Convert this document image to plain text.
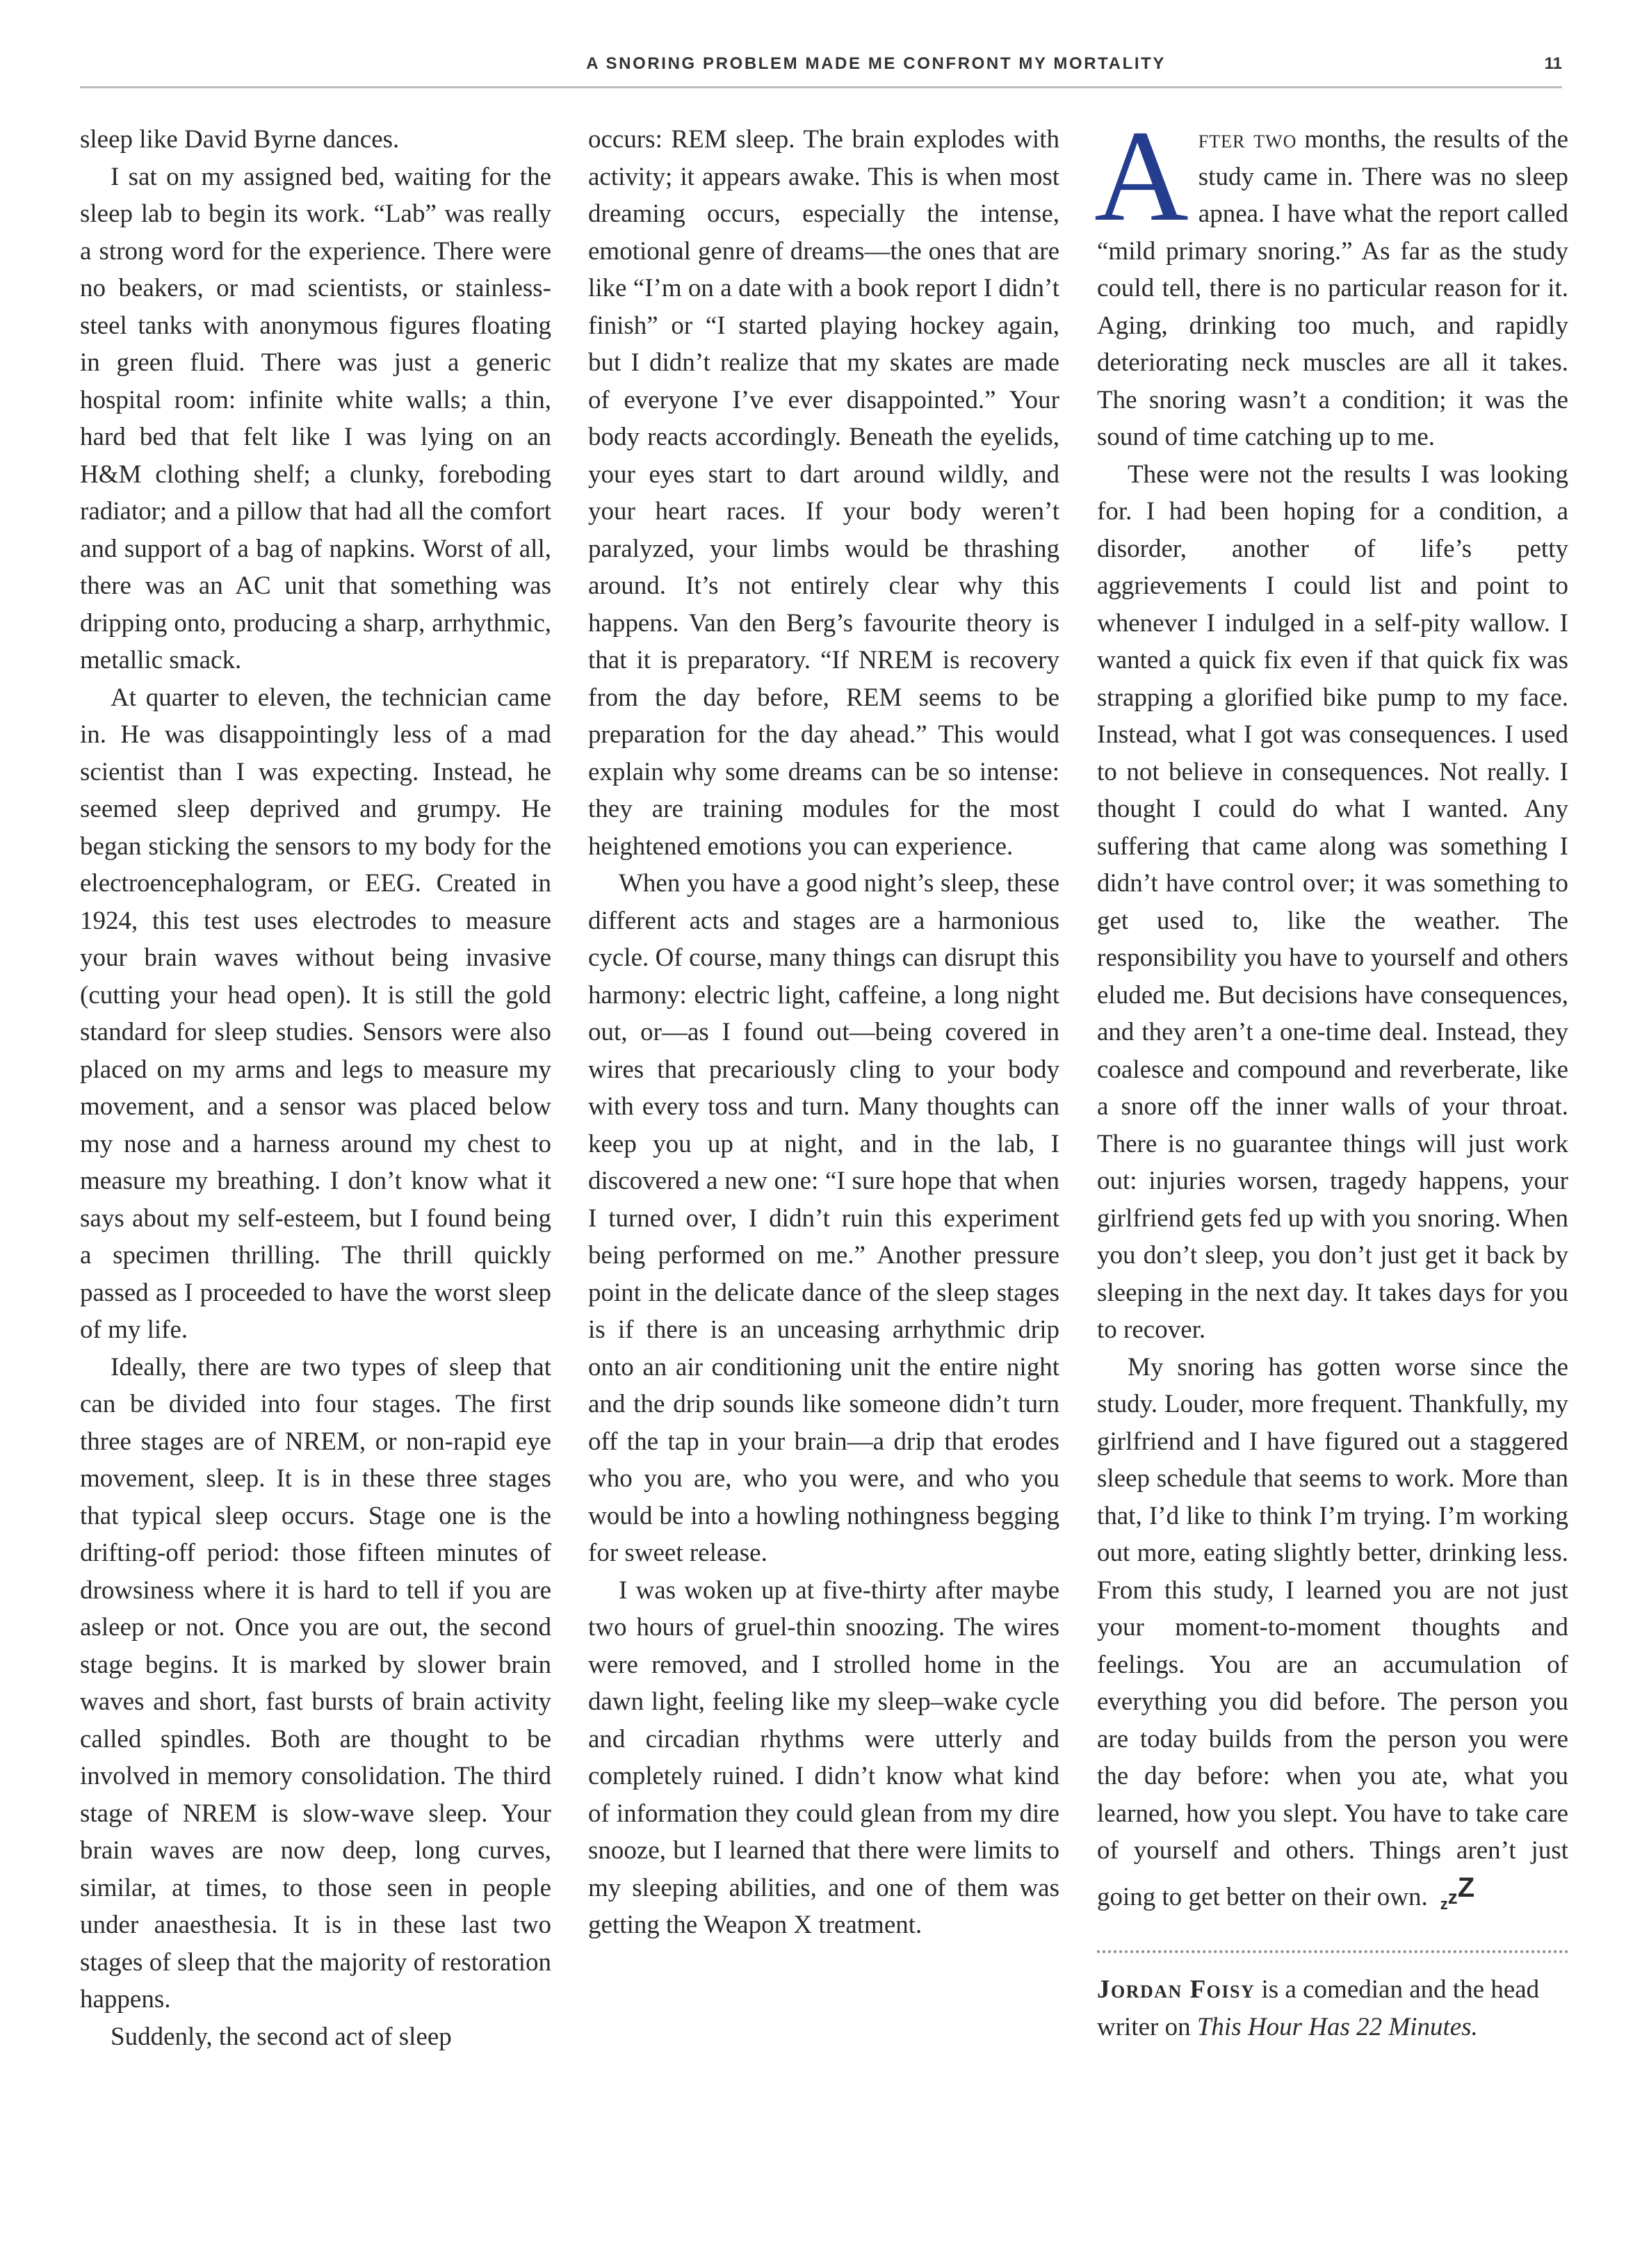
A SNORING PROBLEM MADE ME CONFRONT MY MORTALITY	11

sleep like David Byrne dances.

I sat on my assigned bed, waiting for the sleep lab to begin its work. “Lab” was really a strong word for the experience. There were no beakers, or mad scientists, or stainless-steel tanks with anonymous figures floating in green fluid. There was just a generic hospital room: infinite white walls; a thin, hard bed that felt like I was lying on an H&M clothing shelf; a clunky, foreboding radiator; and a pillow that had all the comfort and support of a bag of napkins. Worst of all, there was an AC unit that something was dripping onto, producing a sharp, arrhythmic, metallic smack.

At quarter to eleven, the technician came in. He was disappointingly less of a mad scientist than I was expecting. Instead, he seemed sleep deprived and grumpy. He began sticking the sensors to my body for the electroencephalogram, or EEG. Created in 1924, this test uses electrodes to measure your brain waves without being invasive (cutting your head open). It is still the gold standard for sleep studies. Sensors were also placed on my arms and legs to measure my movement, and a sensor was placed below my nose and a harness around my chest to measure my breathing. I don’t know what it says about my self-esteem, but I found being a specimen thrilling. The thrill quickly passed as I proceeded to have the worst sleep of my life.

Ideally, there are two types of sleep that can be divided into four stages. The first three stages are of NREM, or non-rapid eye movement, sleep. It is in these three stages that typical sleep occurs. Stage one is the drifting-off period: those fifteen minutes of drowsiness where it is hard to tell if you are asleep or not. Once you are out, the second stage begins. It is marked by slower brain waves and short, fast bursts of brain activity called spindles. Both are thought to be involved in memory consolidation. The third stage of NREM is slow-wave sleep. Your brain waves are now deep, long curves, similar, at times, to those seen in people under anaesthesia. It is in these last two stages of sleep that the majority of restoration happens.

Suddenly, the second act of sleep

occurs: REM sleep. The brain explodes with activity; it appears awake. This is when most dreaming occurs, especially the intense, emotional genre of dreams—the ones that are like “I’m on a date with a book report I didn’t finish” or “I started playing hockey again, but I didn’t realize that my skates are made of everyone I’ve ever disappointed.” Your body reacts accordingly. Beneath the eyelids, your eyes start to dart around wildly, and your heart races. If your body weren’t paralyzed, your limbs would be thrashing around. It’s not entirely clear why this happens. Van den Berg’s favourite theory is that it is preparatory. “If NREM is recovery from the day before, REM seems to be preparation for the day ahead.” This would explain why some dreams can be so intense: they are training modules for the most heightened emotions you can experience.

When you have a good night’s sleep, these different acts and stages are a harmonious cycle. Of course, many things can disrupt this harmony: electric light, caffeine, a long night out, or—as I found out—being covered in wires that precariously cling to your body with every toss and turn. Many thoughts can keep you up at night, and in the lab, I discovered a new one: “I sure hope that when I turned over, I didn’t ruin this experiment being performed on me.” Another pressure point in the delicate dance of the sleep stages is if there is an unceasing arrhythmic drip onto an air conditioning unit the entire night and the drip sounds like someone didn’t turn off the tap in your brain—a drip that erodes who you are, who you were, and who you would be into a howling nothingness begging for sweet release.

I was woken up at five-thirty after maybe two hours of gruel-thin snoozing. The wires were removed, and I strolled home in the dawn light, feeling like my sleep–wake cycle and circadian rhythms were utterly and completely ruined. I didn’t know what kind of information they could glean from my dire snooze, but I learned that there were limits to my sleeping abilities, and one of them was getting the Weapon X treatment.

After two months, the results of the study came in. There was no sleep apnea. I have what the report called “mild primary snoring.” As far as the study could tell, there is no particular reason for it. Aging, drinking too much, and rapidly deteriorating neck muscles are all it takes. The snoring wasn’t a condition; it was the sound of time catching up to me.

These were not the results I was looking for. I had been hoping for a condition, a disorder, another of life’s petty aggrievements I could list and point to whenever I indulged in a self-pity wallow. I wanted a quick fix even if that quick fix was strapping a glorified bike pump to my face. Instead, what I got was consequences. I used to not believe in consequences. Not really. I thought I could do what I wanted. Any suffering that came along was something I didn’t have control over; it was something to get used to, like the weather. The responsibility you have to yourself and others eluded me. But decisions have consequences, and they aren’t a one-time deal. Instead, they coalesce and compound and reverberate, like a snore off the inner walls of your throat. There is no guarantee things will just work out: injuries worsen, tragedy happens, your girlfriend gets fed up with you snoring. When you don’t sleep, you don’t just get it back by sleeping in the next day. It takes days for you to recover.

My snoring has gotten worse since the study. Louder, more frequent. Thankfully, my girlfriend and I have figured out a staggered sleep schedule that seems to work. More than that, I’d like to think I’m trying. I’m working out more, eating slightly better, drinking less. From this study, I learned you are not just your moment-to-moment thoughts and feelings. You are an accumulation of everything you did before. The person you are today builds from the person you were the day before: when you ate, what you learned, how you slept. You have to take care of yourself and others. Things aren’t just going to get better on their own. zzZ

Jordan Foisy is a comedian and the head writer on This Hour Has 22 Minutes.
